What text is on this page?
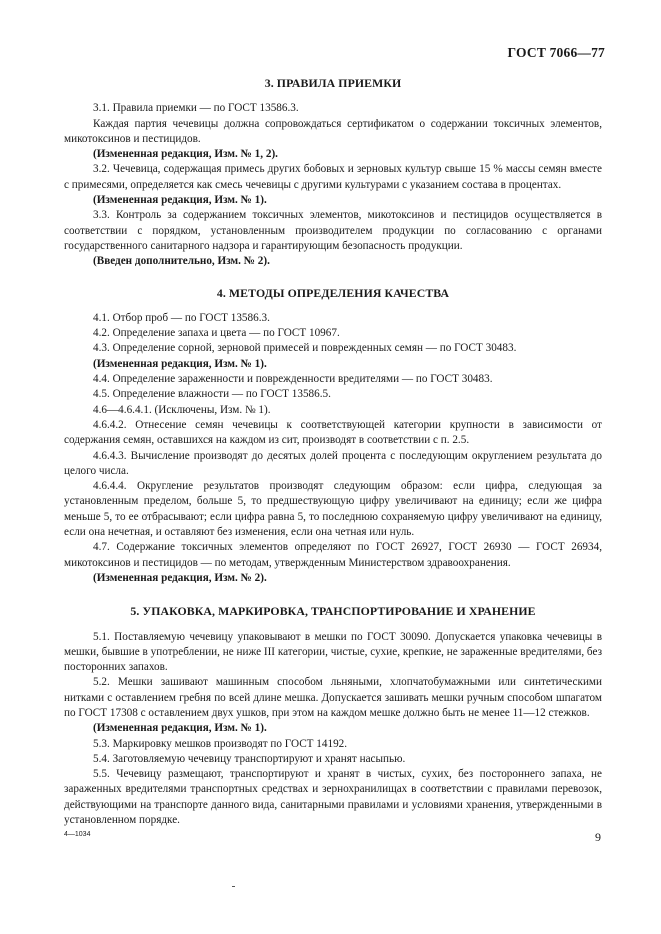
ГОСТ 7066—77
3. ПРАВИЛА ПРИЕМКИ

3.1. Правила приемки — по ГОСТ 13586.3.

Каждая партия чечевицы должна сопровождаться сертификатом о содержании токсичных элементов, микотоксинов и пестицидов.

(Измененная редакция, Изм. № 1, 2).

3.2. Чечевица, содержащая примесь других бобовых и зерновых культур свыше 15 % массы семян вместе с примесями, определяется как смесь чечевицы с другими культурами с указанием состава в процентах.

(Измененная редакция, Изм. № 1).

3.3. Контроль за содержанием токсичных элементов, микотоксинов и пестицидов осуществляется в соответствии с порядком, установленным производителем продукции по согласованию с органами государственного санитарного надзора и гарантирующим безопасность продукции.

(Введен дополнительно, Изм. № 2).

4. МЕТОДЫ ОПРЕДЕЛЕНИЯ КАЧЕСТВА

4.1. Отбор проб — по ГОСТ 13586.3.

4.2. Определение запаха и цвета — по ГОСТ 10967.

4.3. Определение сорной, зерновой примесей и поврежденных семян — по ГОСТ 30483.

(Измененная редакция, Изм. № 1).

4.4. Определение зараженности и поврежденности вредителями — по ГОСТ 30483.

4.5. Определение влажности — по ГОСТ 13586.5.

4.6—4.6.4.1. (Исключены, Изм. № 1).

4.6.4.2. Отнесение семян чечевицы к соответствующей категории крупности в зависимости от содержания семян, оставшихся на каждом из сит, производят в соответствии с п. 2.5.

4.6.4.3. Вычисление производят до десятых долей процента с последующим округлением результата до целого числа.

4.6.4.4. Округление результатов производят следующим образом: если цифра, следующая за установленным пределом, больше 5, то предшествующую цифру увеличивают на единицу; если же цифра меньше 5, то ее отбрасывают; если цифра равна 5, то последнюю сохраняемую цифру увеличивают на единицу, если она нечетная, и оставляют без изменения, если она четная или нуль.

4.7. Содержание токсичных элементов определяют по ГОСТ 26927, ГОСТ 26930 — ГОСТ 26934, микотоксинов и пестицидов — по методам, утвержденным Министерством здравоохранения.

(Измененная редакция, Изм. № 2).

5. УПАКОВКА, МАРКИРОВКА, ТРАНСПОРТИРОВАНИЕ И ХРАНЕНИЕ

5.1. Поставляемую чечевицу упаковывают в мешки по ГОСТ 30090. Допускается упаковка чечевицы в мешки, бывшие в употреблении, не ниже III категории, чистые, сухие, крепкие, не зараженные вредителями, без посторонних запахов.

5.2. Мешки зашивают машинным способом льняными, хлопчатобумажными или синтетическими нитками с оставлением гребня по всей длине мешка. Допускается зашивать мешки ручным способом шпагатом по ГОСТ 17308 с оставлением двух ушков, при этом на каждом мешке должно быть не менее 11—12 стежков.

(Измененная редакция, Изм. № 1).

5.3. Маркировку мешков производят по ГОСТ 14192.

5.4. Заготовляемую чечевицу транспортируют и хранят насыпью.

5.5. Чечевицу размещают, транспортируют и хранят в чистых, сухих, без постороннего запаха, не зараженных вредителями транспортных средствах и зернохранилищах в соответствии с правилами перевозок, действующими на транспорте данного вида, санитарными правилами и условиями хранения, утвержденными в установленном порядке.

4—1034	9
